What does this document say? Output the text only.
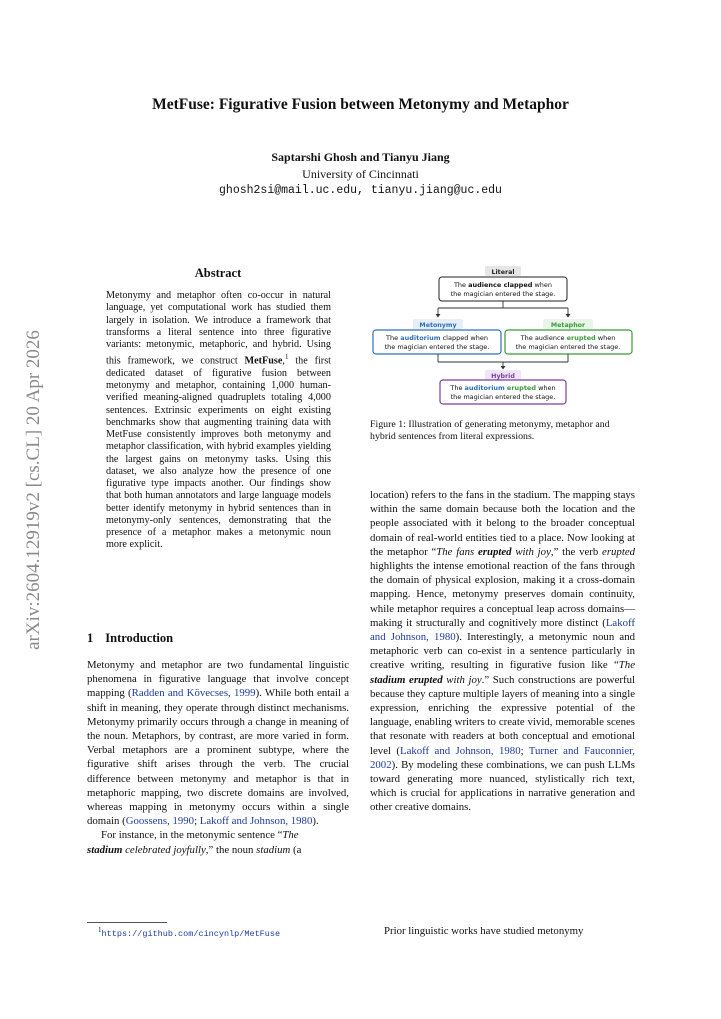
arXiv:2604.12919v2 [cs.CL] 20 Apr 2026
MetFuse: Figurative Fusion between Metonymy and Metaphor
Saptarshi Ghosh and Tianyu Jiang
University of Cincinnati
ghosh2si@mail.uc.edu, tianyu.jiang@uc.edu
Abstract
Metonymy and metaphor often co-occur in natural language, yet computational work has studied them largely in isolation. We introduce a framework that transforms a literal sentence into three figurative variants: metonymic, metaphoric, and hybrid. Using this framework, we construct MetFuse,$^1$ the first dedicated dataset of figurative fusion between metonymy and metaphor, containing 1,000 human-verified meaning-aligned quadruplets totaling 4,000 sentences. Extrinsic experiments on eight existing benchmarks show that augmenting training data with MetFuse consistently improves both metonymy and metaphor classification, with hybrid examples yielding the largest gains on metonymy tasks. Using this dataset, we also analyze how the presence of one figurative type impacts another. Our findings show that both human annotators and large language models better identify metonymy in hybrid sentences than in metonymy-only sentences, demonstrating that the presence of a metaphor makes a metonymic noun more explicit.
1 Introduction
Metonymy and metaphor are two fundamental linguistic phenomena in figurative language that involve concept mapping (Radden and Kövecses, 1999). While both entail a shift in meaning, they operate through distinct mechanisms. Metonymy primarily occurs through a change in meaning of the noun. Metaphors, by contrast, are more varied in form. Verbal metaphors are a prominent subtype, where the figurative shift arises through the verb. The crucial difference between metonymy and metaphor is that in metaphoric mapping, two discrete domains are involved, whereas mapping in metonymy occurs within a single domain (Goossens, 1990; Lakoff and Johnson, 1980).
For instance, in the metonymic sentence “The
stadium celebrated joyfully,” the noun stadium (a
$^1$https://github.com/cincynlp/MetFuse
Literal
The audience clapped when
the magician entered the stage.
Metonymy
The auditorium clapped when
the magician entered the stage.
Metaphor
The audience erupted when
the magician entered the stage.
Hybrid
The auditorium erupted when
the magician entered the stage.
Figure 1: Illustration of generating metonymy, metaphor and hybrid sentences from literal expressions.
location) refers to the fans in the stadium. The mapping stays within the same domain because both the location and the people associated with it belong to the broader conceptual domain of real-world entities tied to a place. Now looking at the metaphor “The fans erupted with joy,” the verb erupted highlights the intense emotional reaction of the fans through the domain of physical explosion, making it a cross-domain mapping. Hence, metonymy preserves domain continuity, while metaphor requires a conceptual leap across domains—making it structurally and cognitively more distinct (Lakoff and Johnson, 1980). Interestingly, a metonymic noun and metaphoric verb can co-exist in a sentence particularly in creative writing, resulting in figurative fusion like “The stadium erupted with joy.” Such constructions are powerful because they capture multiple layers of meaning into a single expression, enriching the expressive potential of the language, enabling writers to create vivid, memorable scenes that resonate with readers at both conceptual and emotional level (Lakoff and Johnson, 1980; Turner and Fauconnier, 2002). By modeling these combinations, we can push LLMs toward generating more nuanced, stylistically rich text, which is crucial for applications in narrative generation and other creative domains.
Prior linguistic works have studied metonymy
